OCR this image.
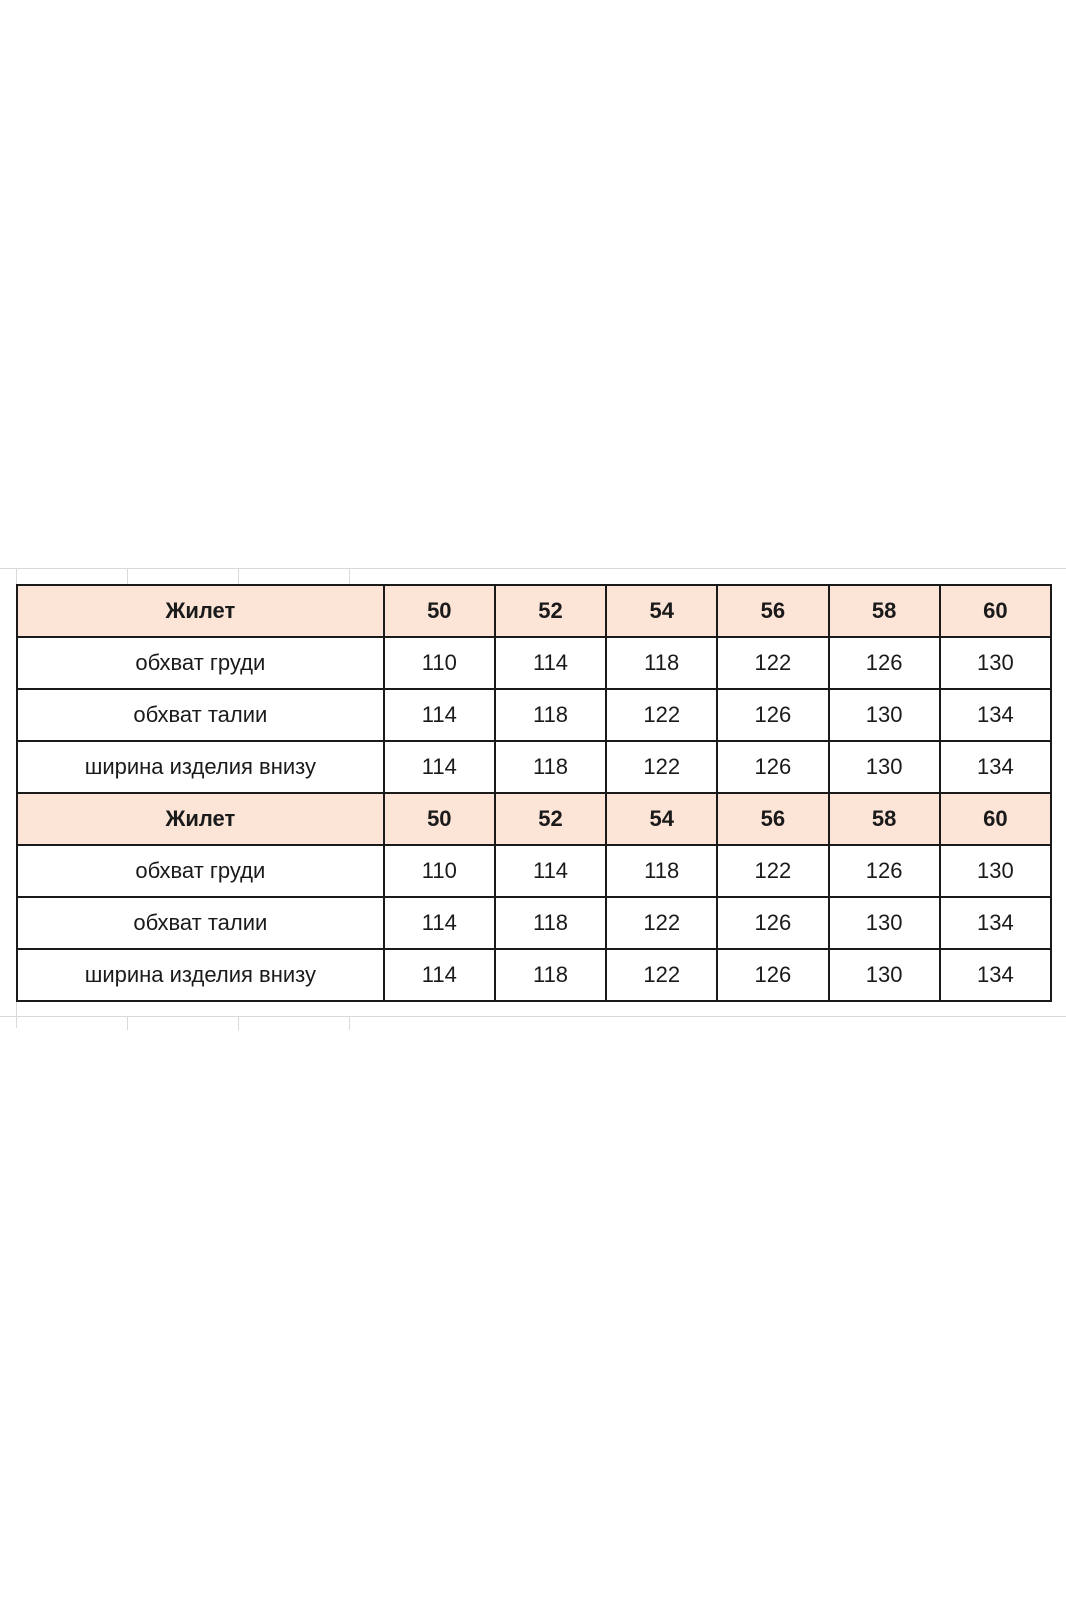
Жилет	50	52	54	56	58	60
обхват груди	110	114	118	122	126	130
обхват талии	114	118	122	126	130	134
ширина изделия внизу	114	118	122	126	130	134
Жилет	50	52	54	56	58	60
обхват груди	110	114	118	122	126	130
обхват талии	114	118	122	126	130	134
ширина изделия внизу	114	118	122	126	130	134
